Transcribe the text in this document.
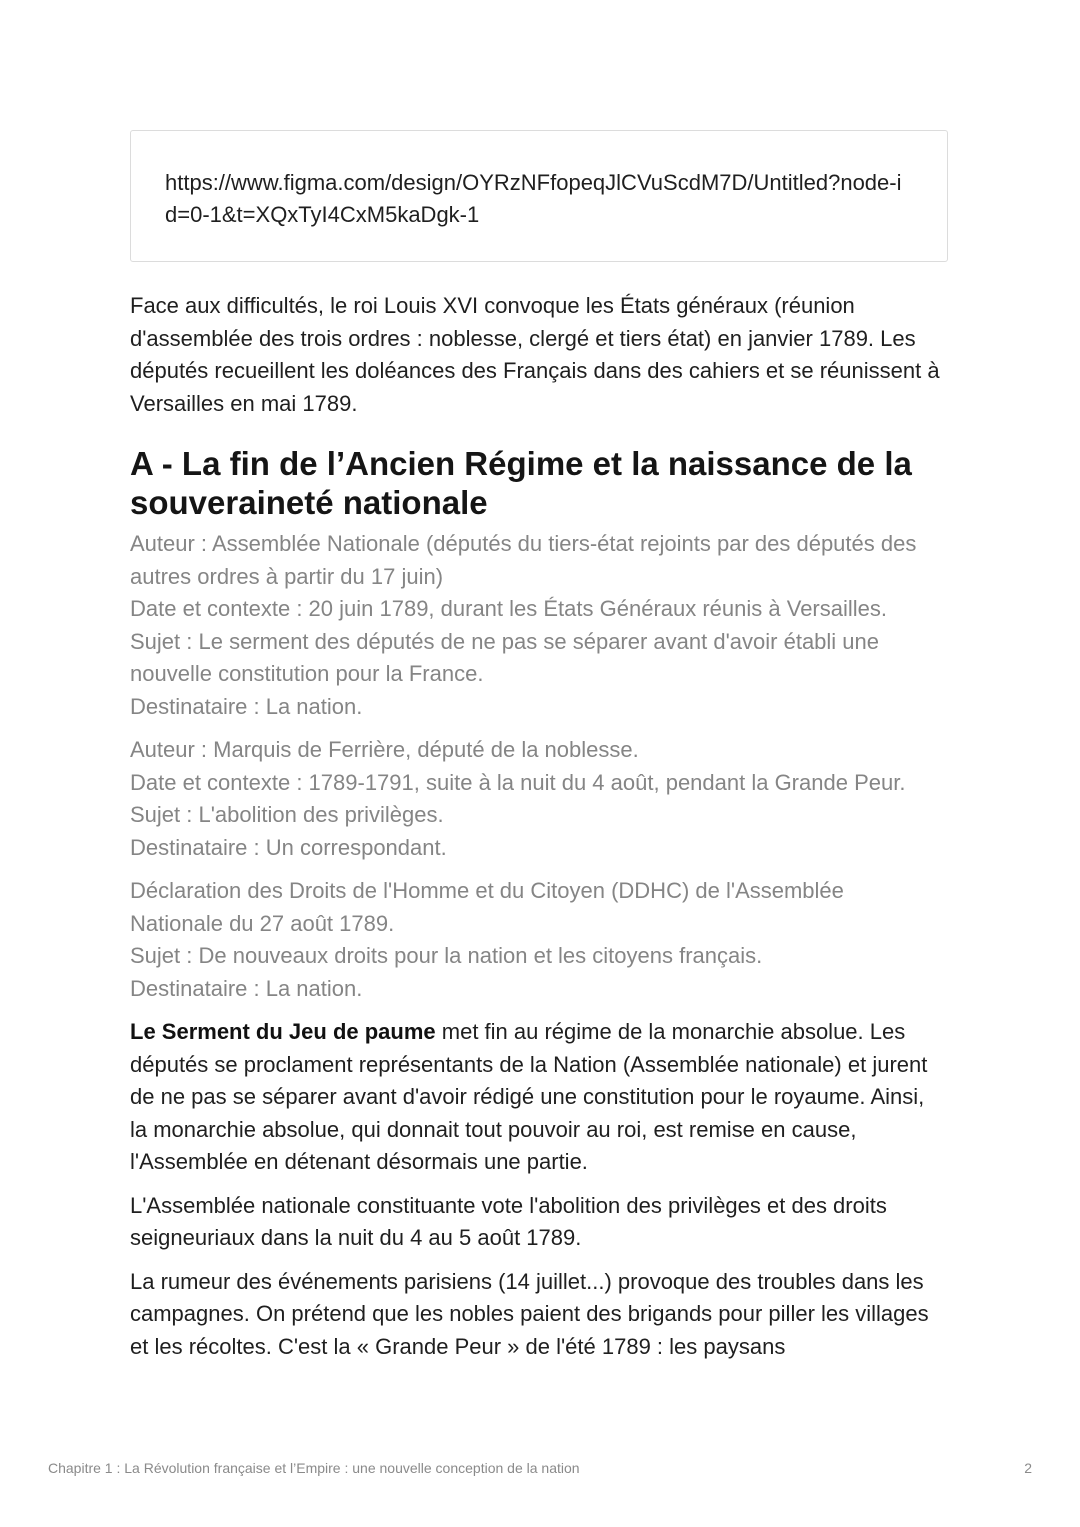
https://www.figma.com/design/OYRzNFfopeqJlCVuScdM7D/Untitled?node-id=0-1&t=XQxTyI4CxM5kaDgk-1

Face aux difficultés, le roi Louis XVI convoque les États généraux (réunion d'assemblée des trois ordres : noblesse, clergé et tiers état) en janvier 1789. Les députés recueillent les doléances des Français dans des cahiers et se réunissent à Versailles en mai 1789.

A - La fin de l’Ancien Régime et la naissance de la souveraineté nationale
Auteur : Assemblée Nationale (députés du tiers-état rejoints par des députés des autres ordres à partir du 17 juin)
Date et contexte : 20 juin 1789, durant les États Généraux réunis à Versailles.
Sujet : Le serment des députés de ne pas se séparer avant d'avoir établi une nouvelle constitution pour la France.
Destinataire : La nation.
Auteur : Marquis de Ferrière, député de la noblesse.
Date et contexte : 1789-1791, suite à la nuit du 4 août, pendant la Grande Peur.
Sujet : L'abolition des privilèges.
Destinataire : Un correspondant.
Déclaration des Droits de l'Homme et du Citoyen (DDHC) de l'Assemblée Nationale du 27 août 1789.
Sujet : De nouveaux droits pour la nation et les citoyens français.
Destinataire : La nation.

Le Serment du Jeu de paume met fin au régime de la monarchie absolue. Les députés se proclament représentants de la Nation (Assemblée nationale) et jurent de ne pas se séparer avant d'avoir rédigé une constitution pour le royaume. Ainsi, la monarchie absolue, qui donnait tout pouvoir au roi, est remise en cause, l'Assemblée en détenant désormais une partie.

L'Assemblée nationale constituante vote l'abolition des privilèges et des droits seigneuriaux dans la nuit du 4 au 5 août 1789.

La rumeur des événements parisiens (14 juillet...) provoque des troubles dans les campagnes. On prétend que les nobles paient des brigands pour piller les villages et les récoltes. C'est la « Grande Peur » de l'été 1789 : les paysans

Chapitre 1 : La Révolution française et l’Empire : une nouvelle conception de la nation	2
